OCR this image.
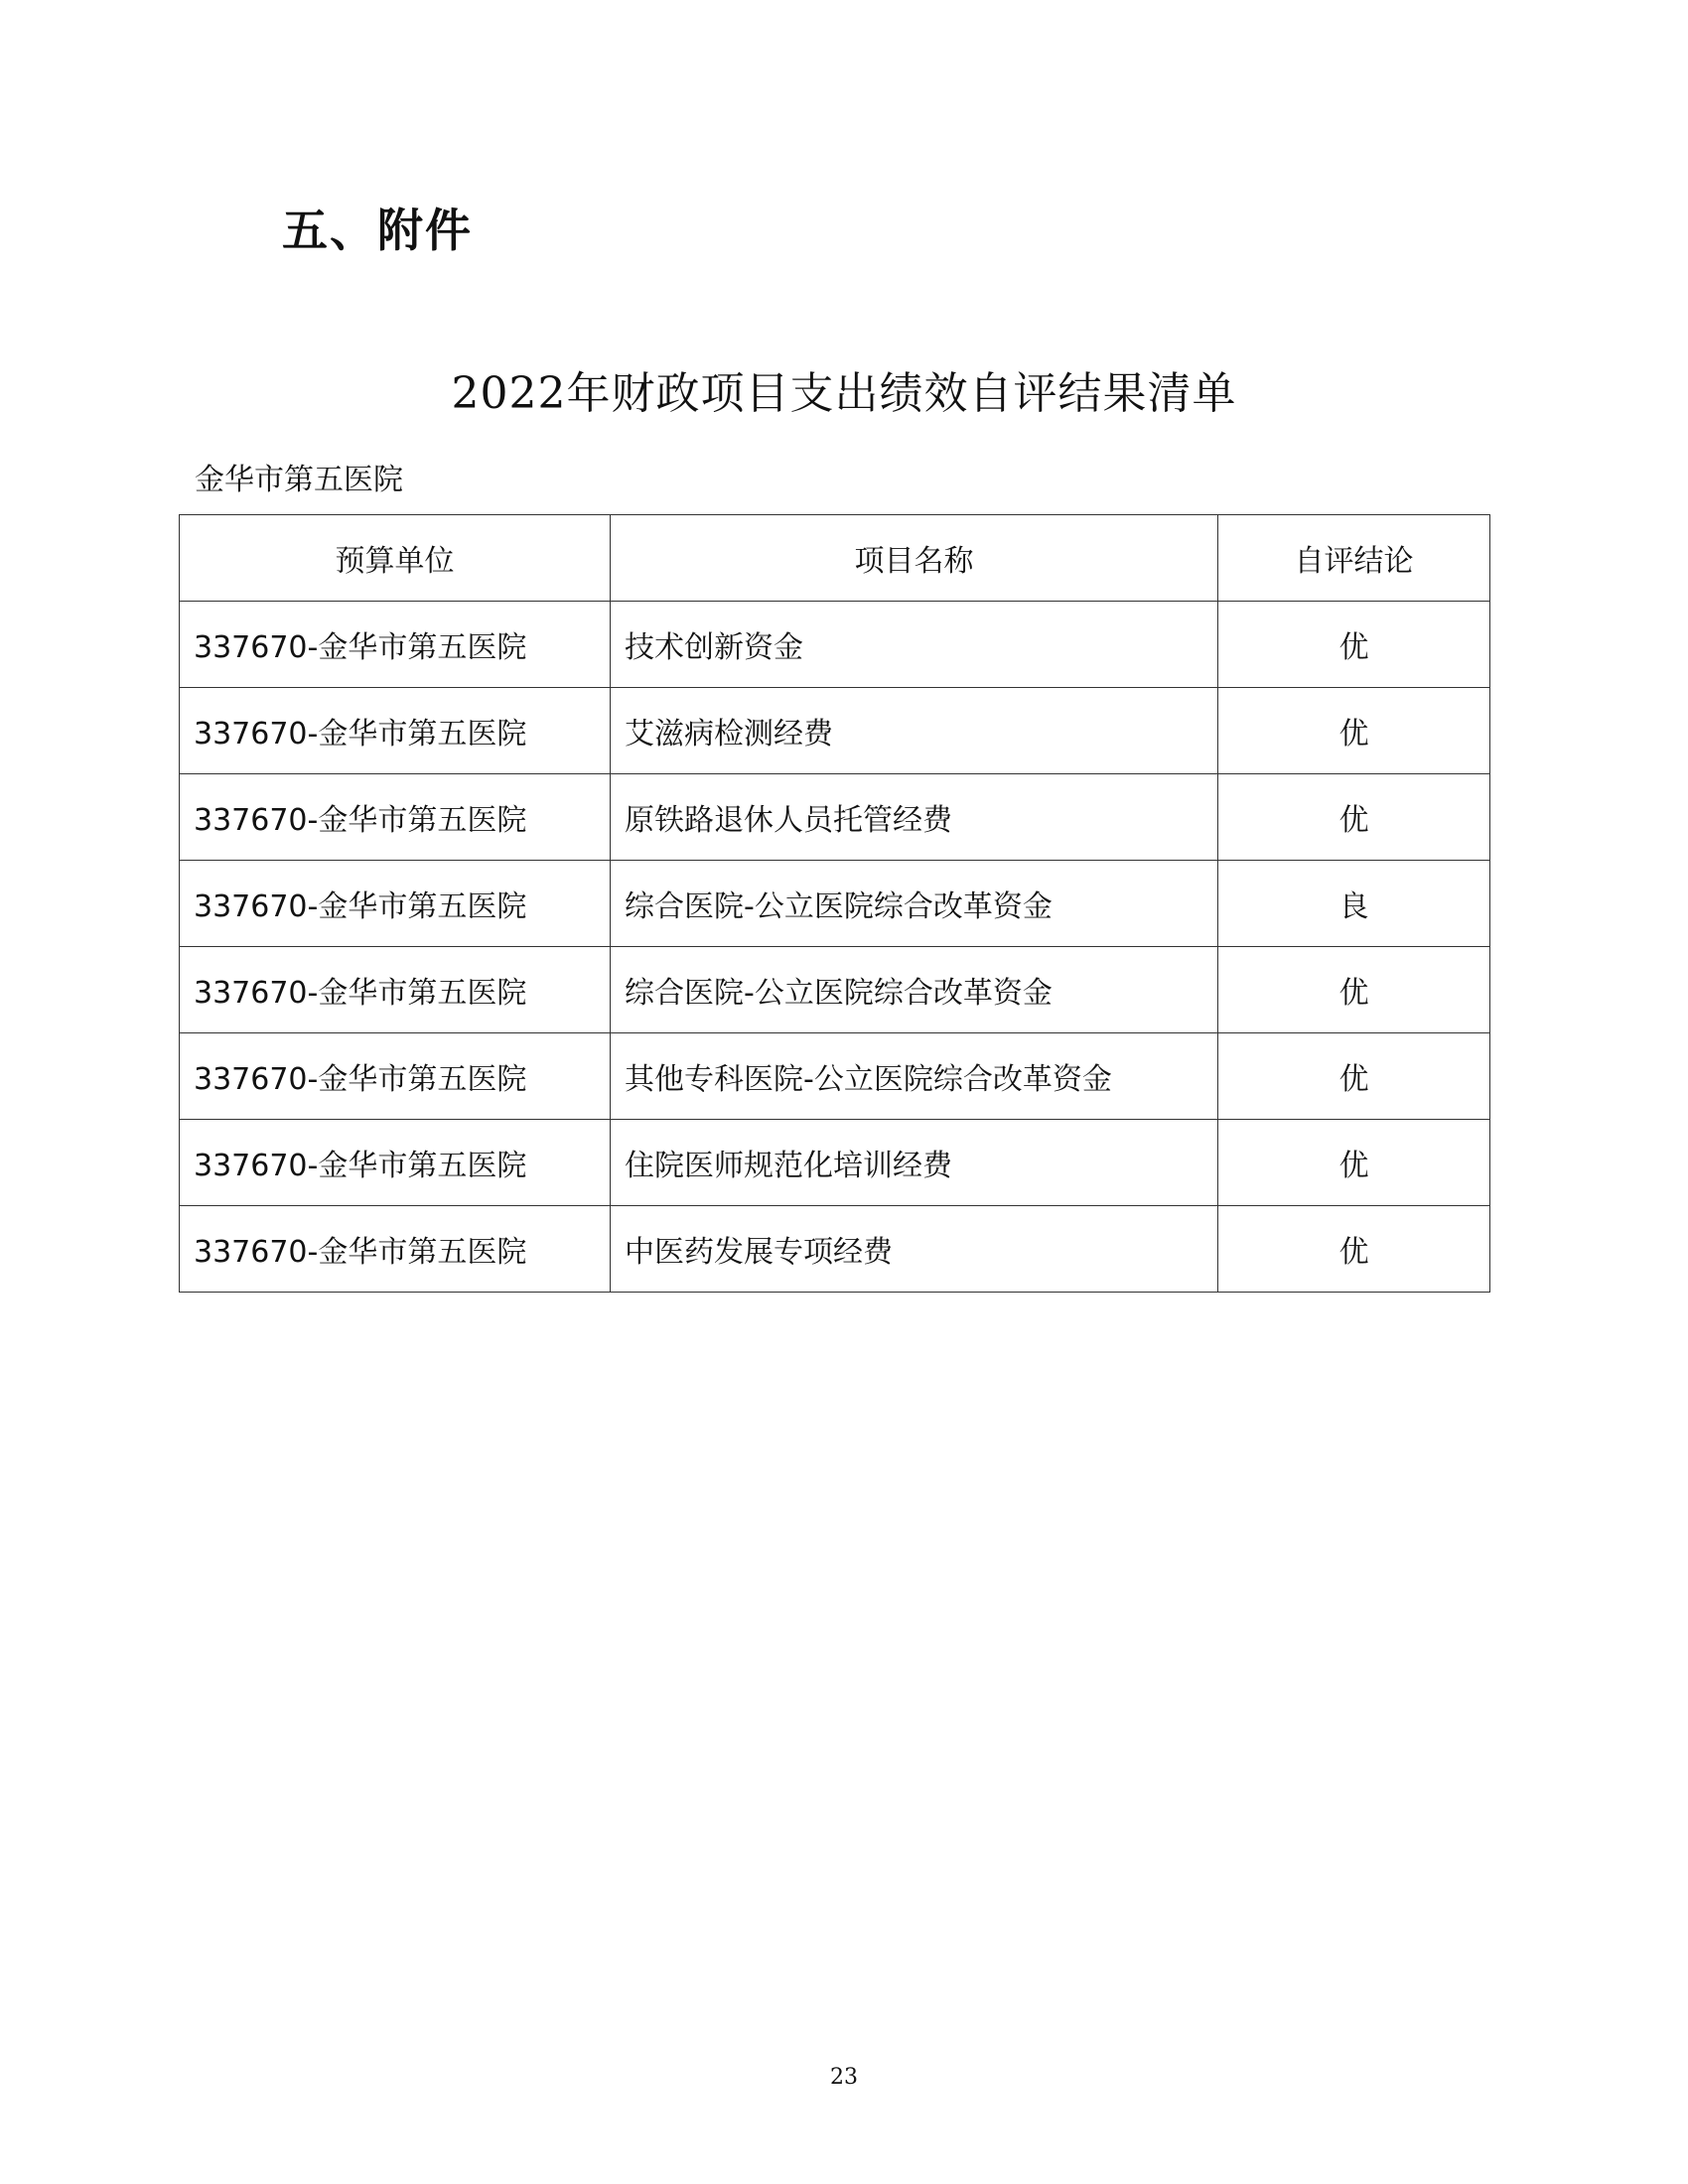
五、附件
2022年财政项目支出绩效自评结果清单
金华市第五医院
预算单位	项目名称	自评结论
337670-金华市第五医院	技术创新资金	优
337670-金华市第五医院	艾滋病检测经费	优
337670-金华市第五医院	原铁路退休人员托管经费	优
337670-金华市第五医院	综合医院-公立医院综合改革资金	良
337670-金华市第五医院	综合医院-公立医院综合改革资金	优
337670-金华市第五医院	其他专科医院-公立医院综合改革资金	优
337670-金华市第五医院	住院医师规范化培训经费	优
337670-金华市第五医院	中医药发展专项经费	优
23
